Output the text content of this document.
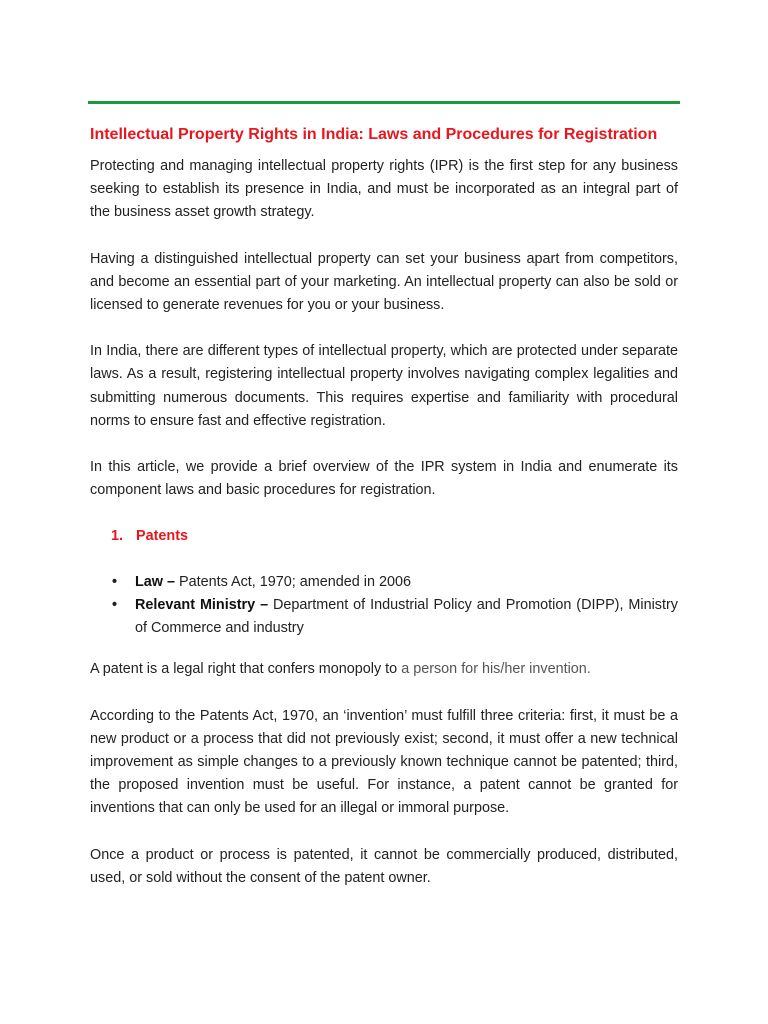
Intellectual Property Rights in India: Laws and Procedures for Registration

Protecting and managing intellectual property rights (IPR) is the first step for any business seeking to establish its presence in India, and must be incorporated as an integral part of the business asset growth strategy.

Having a distinguished intellectual property can set your business apart from competitors, and become an essential part of your marketing. An intellectual property can also be sold or licensed to generate revenues for you or your business.

In India, there are different types of intellectual property, which are protected under separate laws. As a result, registering intellectual property involves navigating complex legalities and submitting numerous documents. This requires expertise and familiarity with procedural norms to ensure fast and effective registration.

In this article, we provide a brief overview of the IPR system in India and enumerate its component laws and basic procedures for registration.

1. Patents

• Law – Patents Act, 1970; amended in 2006
• Relevant Ministry – Department of Industrial Policy and Promotion (DIPP), Ministry of Commerce and industry

A patent is a legal right that confers monopoly to a person for his/her invention.

According to the Patents Act, 1970, an ‘invention’ must fulfill three criteria: first, it must be a new product or a process that did not previously exist; second, it must offer a new technical improvement as simple changes to a previously known technique cannot be patented; third, the proposed invention must be useful. For instance, a patent cannot be granted for inventions that can only be used for an illegal or immoral purpose.

Once a product or process is patented, it cannot be commercially produced, distributed, used, or sold without the consent of the patent owner.
